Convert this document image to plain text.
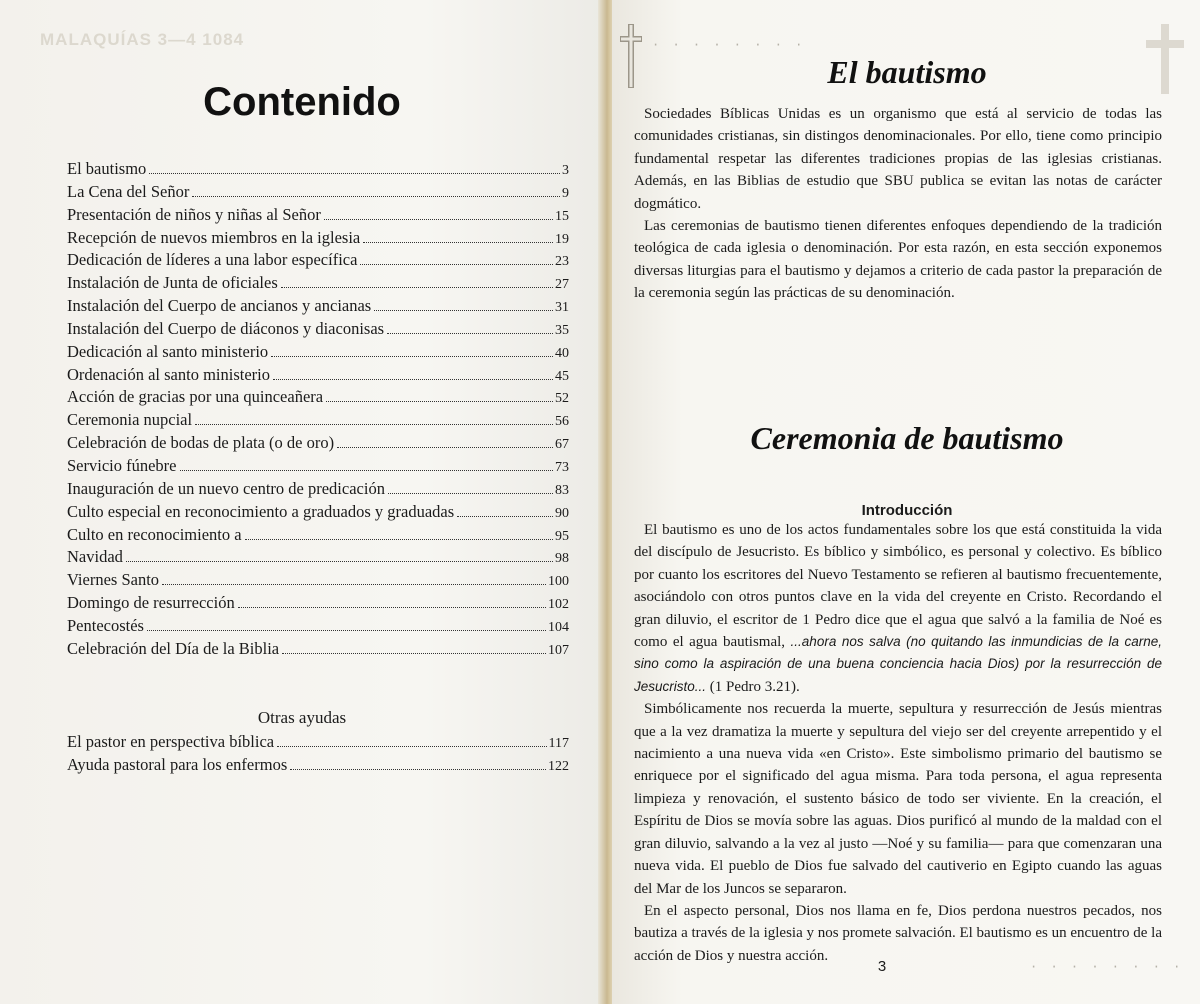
MALAQUÍAS 3—4 1084

Contenido
El bautismo	3
La Cena del Señor	9
Presentación de niños y niñas al Señor	15
Recepción de nuevos miembros en la iglesia	19
Dedicación de líderes a una labor específica	23
Instalación de Junta de oficiales	27
Instalación del Cuerpo de ancianos y ancianas	31
Instalación del Cuerpo de diáconos y diaconisas	35
Dedicación al santo ministerio	40
Ordenación al santo ministerio	45
Acción de gracias por una quinceañera	52
Ceremonia nupcial	56
Celebración de bodas de plata (o de oro)	67
Servicio fúnebre	73
Inauguración de un nuevo centro de predicación	83
Culto especial en reconocimiento a graduados y graduadas	90
Culto en reconocimiento a	95
Navidad	98
Viernes Santo	100
Domingo de resurrección	102
Pentecostés	104
Celebración del Día de la Biblia	107
Otras ayudas
El pastor en perspectiva bíblica	117
Ayuda pastoral para los enfermos	122
· · · · · · · ·
· · · · · · · ·
El bautismo

Sociedades Bíblicas Unidas es un organismo que está al servicio de todas las comunidades cristianas, sin distingos denominacionales. Por ello, tiene como principio fundamental respetar las diferentes tradiciones propias de las iglesias cristianas. Además, en las Biblias de estudio que SBU publica se evitan las notas de carácter dogmático.

Las ceremonias de bautismo tienen diferentes enfoques dependiendo de la tradición teológica de cada iglesia o denominación. Por esta razón, en esta sección exponemos diversas liturgias para el bautismo y dejamos a criterio de cada pastor la preparación de la ceremonia según las prácticas de su denominación.

Ceremonia de bautismo
Introducción

El bautismo es uno de los actos fundamentales sobre los que está constituida la vida del discípulo de Jesucristo. Es bíblico y simbólico, es personal y colectivo. Es bíblico por cuanto los escritores del Nuevo Testamento se refieren al bautismo frecuentemente, asociándolo con otros puntos clave en la vida del creyente en Cristo. Recordando el gran diluvio, el escritor de 1 Pedro dice que el agua que salvó a la familia de Noé es como el agua bautismal, ...ahora nos salva (no quitando las inmundicias de la carne, sino como la aspiración de una buena conciencia hacia Dios) por la resurrección de Jesucristo... (1 Pedro 3.21).

Simbólicamente nos recuerda la muerte, sepultura y resurrección de Jesús mientras que a la vez dramatiza la muerte y sepultura del viejo ser del creyente arrepentido y el nacimiento a una nueva vida «en Cristo». Este simbolismo primario del bautismo se enriquece por el significado del agua misma. Para toda persona, el agua representa limpieza y renovación, el sustento básico de todo ser viviente. En la creación, el Espíritu de Dios se movía sobre las aguas. Dios purificó al mundo de la maldad con el gran diluvio, salvando a la vez al justo —Noé y su familia— para que comenzaran una nueva vida. El pueblo de Dios fue salvado del cautiverio en Egipto cuando las aguas del Mar de los Juncos se separaron.

En el aspecto personal, Dios nos llama en fe, Dios perdona nuestros pecados, nos bautiza a través de la iglesia y nos promete salvación. El bautismo es un encuentro de la acción de Dios y nuestra acción.

3
